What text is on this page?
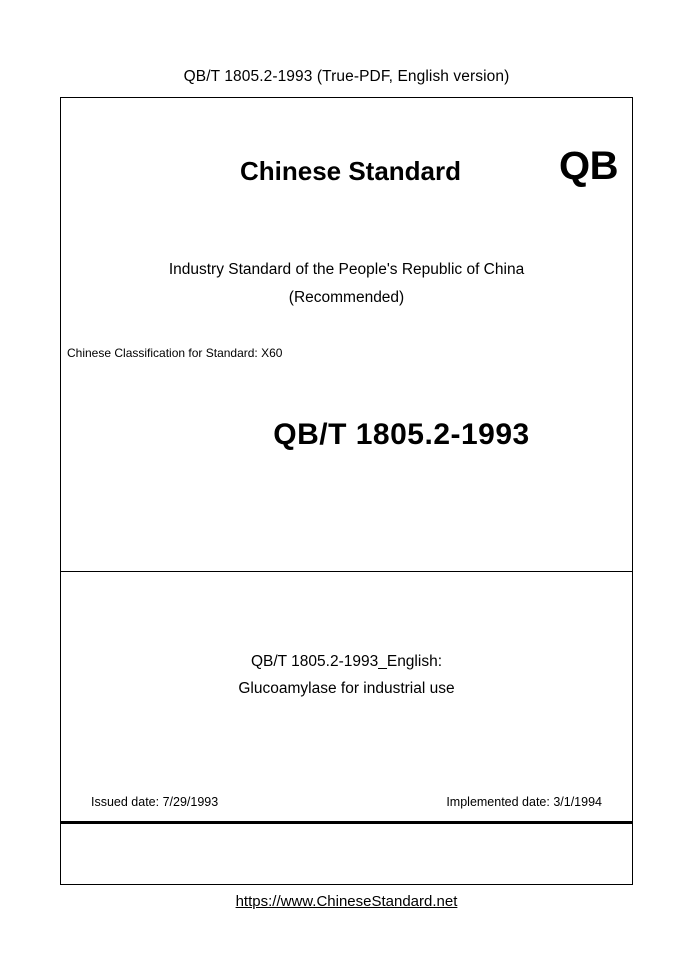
QB/T 1805.2-1993 (True-PDF, English version)
QB
Chinese Standard
Industry Standard of the People's Republic of China
(Recommended)
Chinese Classification for Standard: X60
QB/T 1805.2-1993
QB/T 1805.2-1993_English:
Glucoamylase for industrial use
Issued date: 7/29/1993	Implemented date: 3/1/1994
https://www.ChineseStandard.net
